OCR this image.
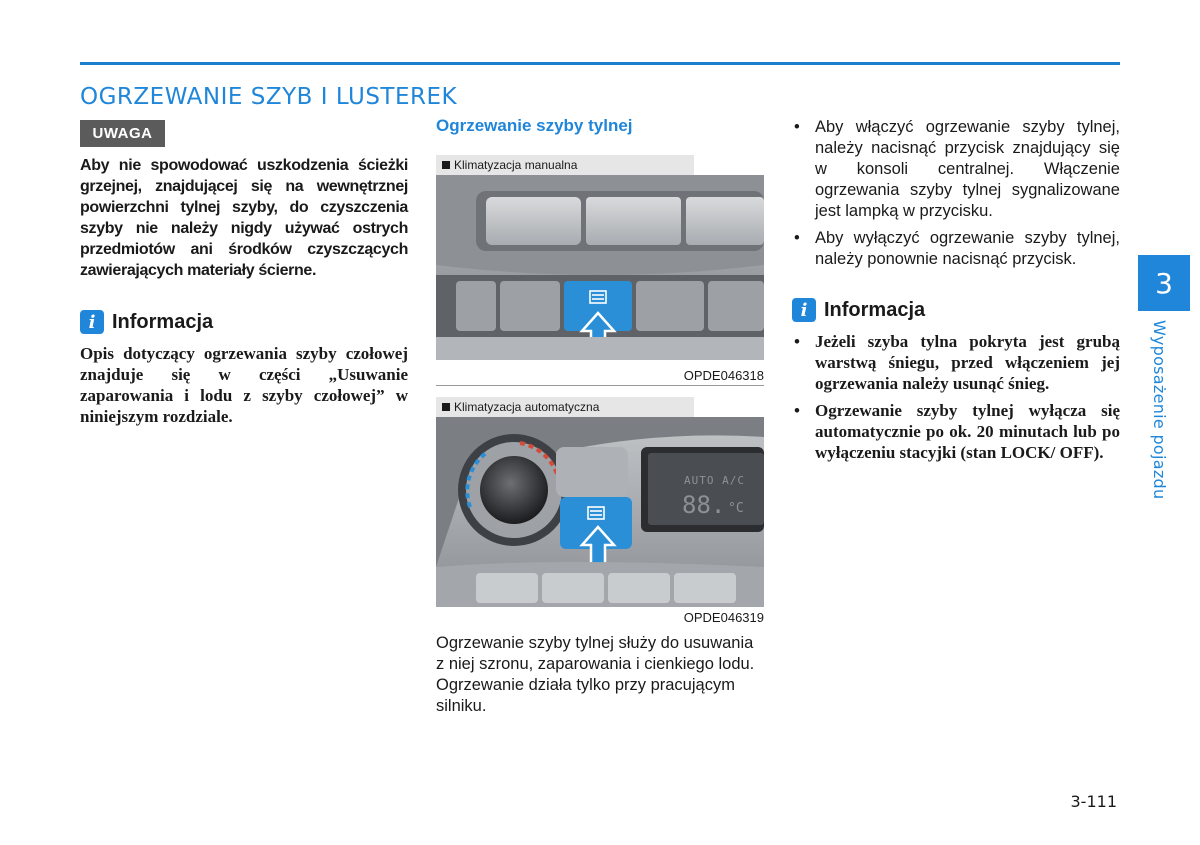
OGRZEWANIE SZYB I LUSTEREK
UWAGA

Aby nie spowodować uszkodzenia ścieżki grzejnej, znajdującej się na wewnętrznej powierzchni tylnej szyby, do czyszczenia szyby nie należy nigdy używać ostrych przedmiotów ani środków czyszczących zawierających materiały ścierne.

i Informacja

Opis dotyczący ogrzewania szyby czołowej znajduje się w części „Usuwanie zaparowania i lodu z szyby czołowej” w niniejszym rozdziale.

Ogrzewanie szyby tylnej
Klimatyzacja manualna
OPDE046318
Klimatyzacja automatyczna
AUTO A/C
88. °C
OPDE046319

Ogrzewanie szyby tylnej służy do usuwania z niej szronu, zaparowania i cienkiego lodu. Ogrzewanie działa tylko przy pracującym silniku.

• Aby włączyć ogrzewanie szyby tylnej, należy nacisnąć przycisk znajdujący się w konsoli centralnej. Włączenie ogrzewania szyby tylnej sygnalizowane jest lampką w przycisku.
• Aby wyłączyć ogrzewanie szyby tylnej, należy ponownie nacisnąć przycisk.
i Informacja
• Jeżeli szyba tylna pokryta jest grubą warstwą śniegu, przed włączeniem jej ogrzewania należy usunąć śnieg.
• Ogrzewanie szyby tylnej wyłącza się automatycznie po ok. 20 minutach lub po wyłączeniu stacyjki (stan LOCK/ OFF).
3
Wyposażenie pojazdu
3-111
